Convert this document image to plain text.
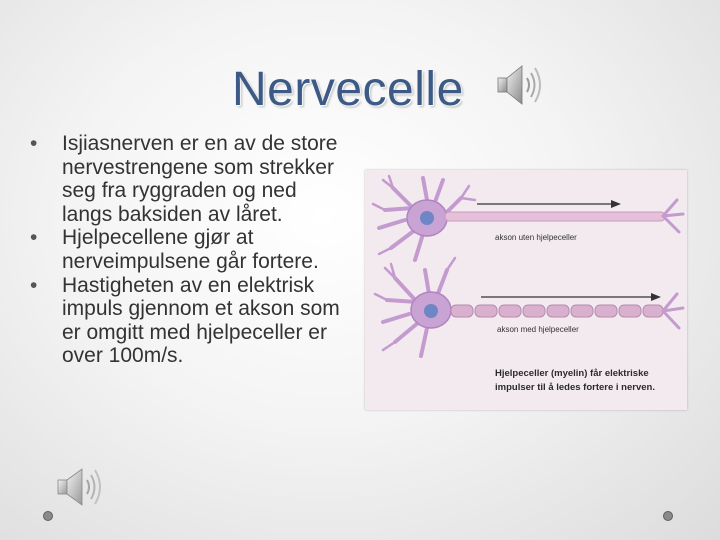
Nervecelle
• Isjiasnerven er en av de store nervestrengene som strekker seg fra ryggraden og ned langs baksiden av låret.
• Hjelpecellene gjør at nerveimpulsene går fortere.
• Hastigheten av en elektrisk impuls gjennom et akson som er omgitt med hjelpeceller er over 100m/s.
akson uten hjelpeceller
akson med hjelpeceller
Hjelpeceller (myelin) får elektriske
impulser til å ledes fortere i nerven.
